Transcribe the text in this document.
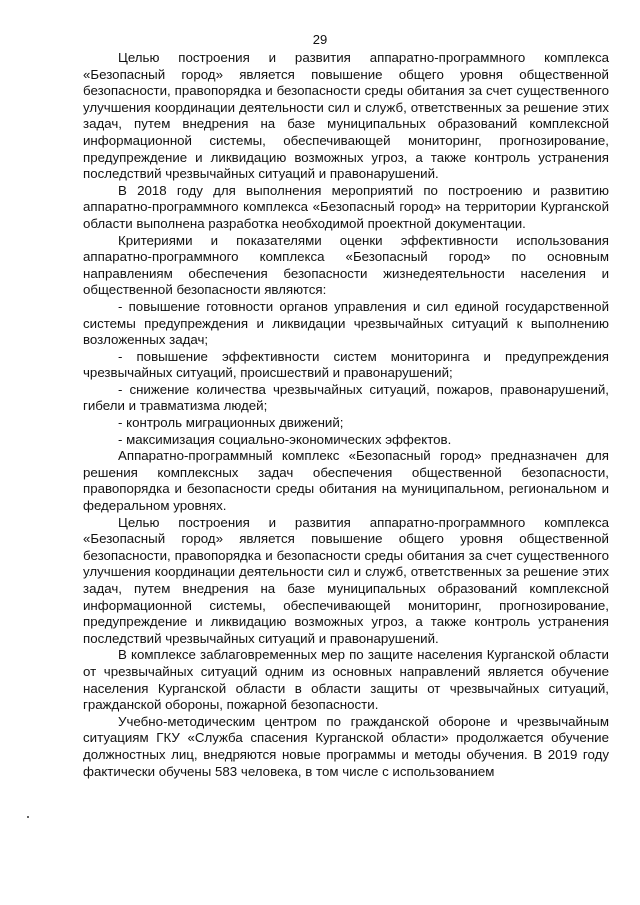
29

Целью построения и развития аппаратно-программного комплекса «Безопасный город» является повышение общего уровня общественной безопасности, правопорядка и безопасности среды обитания за счет существенного улучшения координации деятельности сил и служб, ответственных за решение этих задач, путем внедрения на базе муниципальных образований комплексной информационной системы, обеспечивающей мониторинг, прогнозирование, предупреждение и ликвидацию возможных угроз, а также контроль устранения последствий чрезвычайных ситуаций и правонарушений.

В 2018 году для выполнения мероприятий по построению и развитию аппаратно-программного комплекса «Безопасный город» на территории Курганской области выполнена разработка необходимой проектной документации.

Критериями и показателями оценки эффективности использования аппаратно-программного комплекса «Безопасный город» по основным направлениям обеспечения безопасности жизнедеятельности населения и общественной безопасности являются:

- повышение готовности органов управления и сил единой государственной системы предупреждения и ликвидации чрезвычайных ситуаций к выполнению возложенных задач;

- повышение эффективности систем мониторинга и предупреждения чрезвычайных ситуаций, происшествий и правонарушений;

- снижение количества чрезвычайных ситуаций, пожаров, правонарушений, гибели и травматизма людей;

- контроль миграционных движений;

- максимизация социально-экономических эффектов.

Аппаратно-программный комплекс «Безопасный город» предназначен для решения комплексных задач обеспечения общественной безопасности, правопорядка и безопасности среды обитания на муниципальном, региональном и федеральном уровнях.

Целью построения и развития аппаратно-программного комплекса «Безопасный город» является повышение общего уровня общественной безопасности, правопорядка и безопасности среды обитания за счет существенного улучшения координации деятельности сил и служб, ответственных за решение этих задач, путем внедрения на базе муниципальных образований комплексной информационной системы, обеспечивающей мониторинг, прогнозирование, предупреждение и ликвидацию возможных угроз, а также контроль устранения последствий чрезвычайных ситуаций и правонарушений.

В комплексе заблаговременных мер по защите населения Курганской области от чрезвычайных ситуаций одним из основных направлений является обучение населения Курганской области в области защиты от чрезвычайных ситуаций, гражданской обороны, пожарной безопасности.

Учебно-методическим центром по гражданской обороне и чрезвычайным ситуациям ГКУ «Служба спасения Курганской области» продолжается обучение должностных лиц, внедряются новые программы и методы обучения. В 2019 году фактически обучены 583 человека, в том числе с использованием
